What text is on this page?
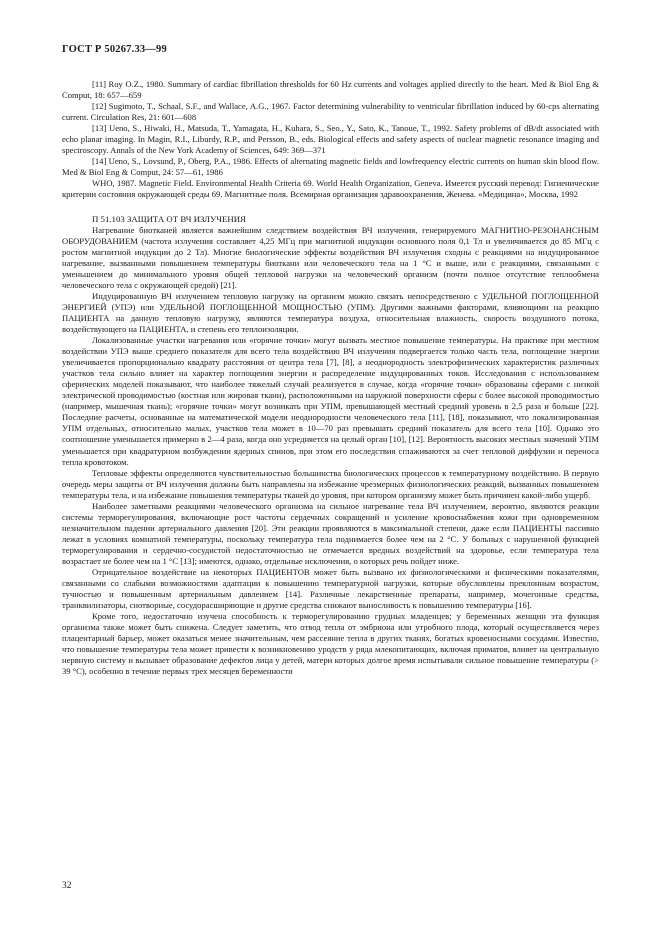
ГОСТ Р 50267.33—99

[11] Roy O.Z., 1980. Summary of cardiac fibrillation thresholds for 60 Hz currents and voltages applied directly to the heart. Med & Biol Eng & Comput, 18: 657—659

[12] Sugimoto, T., Schaal, S.F., and Wallace, A.G., 1967. Factor determining vulnerability to ventricular fibrillation induced by 60-cps alternating current. Circulation Res, 21: 601—608

[13] Ueno, S., Hiwaki, H., Matsuda, T., Yamagata, H., Kuhara, S., Seo., Y., Sato, K., Tanoue, T., 1992. Safety problems of dB/dt associated with echo planar imaging. In Magin, R.I., Liburdy, R.P., and Persson, B., eds. Biological effects and safety aspects of nuclear magnetic resonance imaging and spectroscopy. Annals of the New York Academy of Sciences, 649: 369—371

[14] Ueno, S., Lovsund, P., Oberg, P.A., 1986. Effects of alternating magnetic fields and lowfrequency electric currents on human skin blood flow. Med & Biol Eng & Comput, 24: 57—61, 1986

WHO, 1987. Magnetic Field. Environmental Health Criteria 69. World Health Organization, Geneva. Имеется русский перевод: Гигиенические критерии состояния окружающей среды 69. Магнитные поля. Всемирная организация здравоохранения, Женева. «Медицина», Москва, 1992

П 51.103 ЗАЩИТА ОТ ВЧ ИЗЛУЧЕНИЯ

Нагревание биотканей является важнейшим следствием воздействия ВЧ излучения, генерируемого МАГНИТНО-РЕЗОНАНСНЫМ ОБОРУДОВАНИЕМ (частота излучения составляет 4,25 МГц при магнитной индукции основного поля 0,1 Тл и увеличивается до 85 МГц с ростом магнитной индукции до 2 Тл). Многие биологические эффекты воздействия ВЧ излучения сходны с реакциями на индуцированное нагревание, вызванными повышением температуры биоткани или человеческого тела на 1 °С и выше, или с реакциями, связанными с уменьшением до минимального уровня общей тепловой нагрузки на человеческий организм (почти полное отсутствие теплообмена человеческого тела с окружающей средой) [21].

Индуцированную ВЧ излучением тепловую нагрузку на организм можно связать непосредственно с УДЕЛЬНОЙ ПОГЛОЩЕННОЙ ЭНЕРГИЕЙ (УПЭ) или УДЕЛЬНОЙ ПОГЛОЩЕННОЙ МОЩНОСТЬЮ (УПМ). Другими важными факторами, влияющими на реакцию ПАЦИЕНТА на данную тепловую нагрузку, являются температура воздуха, относительная влажность, скорость воздушного потока, воздействующего на ПАЦИЕНТА, и степень его теплоизоляции.

Локализованные участки нагревания или «горячие точки» могут вызвать местное повышение температуры. На практике при местном воздействии УПЭ выше среднего показателя для всего тела воздействию ВЧ излучения подвергается только часть тела, поглощение энергии увеличивается пропорционально квадрату расстояния от центра тела [7], [8], а неоднородность электрофизических характеристик различных участков тела сильно влияет на характер поглощения энергии и распределение индуцированных токов. Исследования с использованием сферических моделей показывают, что наиболее тяжелый случай реализуется в случае, когда «горячие точки» образованы сферами с низкой электрической проводимостью (костная или жировая ткани), расположенными на наружной поверхности сферы с более высокой проводимостью (например, мышечная ткань); «горячие точки» могут возникать при УПМ, превышающей местный средний уровень в 2,5 раза и больше [22]. Последние расчеты, основанные на математической модели неоднородности человеческого тела [11], [18], показывают, что локализированная УПМ отдельных, относительно малых, участков тела может в 10—70 раз превышать средний показатель для всего тела [10]. Однако это соотношение уменьшается примерно в 2—4 раза, когда оно усредняется на целый орган [10], [12]. Вероятность высоких местных значений УПМ уменьшается при квадратурном возбуждении ядерных спинов, при этом его последствия сглаживаются за счет тепловой диффузии и переноса тепла кровотоком.

Тепловые эффекты определяются чувствительностью большинства биологических процессов к температурному воздействию. В первую очередь меры защиты от ВЧ излучения должны быть направлены на избежание чрезмерных физиологических реакций, вызванных повышением температуры тела, и на избежание повышения температуры тканей до уровня, при котором организму может быть причинен какой-либо ущерб.

Наиболее заметными реакциями человеческого организма на сильное нагревание тела ВЧ излучением, вероятно, являются реакции системы терморегулирования, включающие рост частоты сердечных сокращений и усиление кровоснабжения кожи при одновременном незначительном падении артериального давления [20]. Эти реакции проявляются в максимальной степени, даже если ПАЦИЕНТЫ пассивно лежат в условиях комнатной температуры, поскольку температура тела поднимается более чем на 2 °С. У больных с нарушенной функцией терморегулирования и сердечно-сосудистой недостаточностью не отмечается вредных воздействий на здоровье, если температура тела возрастает не более чем на 1 °С [13]; имеются, однако, отдельные исключения, о которых речь пойдет ниже.

Отрицательное воздействие на некоторых ПАЦИЕНТОВ может быть вызвано их физиологическими и физическими показателями, связанными со слабыми возможностями адаптации к повышению температурной нагрузки, которые обусловлены преклонным возрастом, тучностью и повышенным артериальным давлением [14]. Различные лекарственные препараты, например, мочегонные средства, транквилизаторы, снотворные, сосудорасширяющие и другие средства снижают выносливость к повышению температуры [16].

Кроме того, недостаточно изучена способность к терморегулированию грудных младенцев; у беременных женщин эта функция организма также может быть снижена. Следует заметить, что отвод тепла от эмбриона или утробного плода, который осуществляется через плацентарный барьер, может оказаться менее значительным, чем рассеяние тепла в других тканях, богатых кровеносными сосудами. Известно, что повышение температуры тела может привести к возникновению уродств у ряда млекопитающих, включая приматов, влияет на центральную нервную систему и вызывает образование дефектов лица у детей, матери которых долгое время испытывали сильное повышение температуры (> 39 °С), особенно в течение первых трех месяцев беременности

32
